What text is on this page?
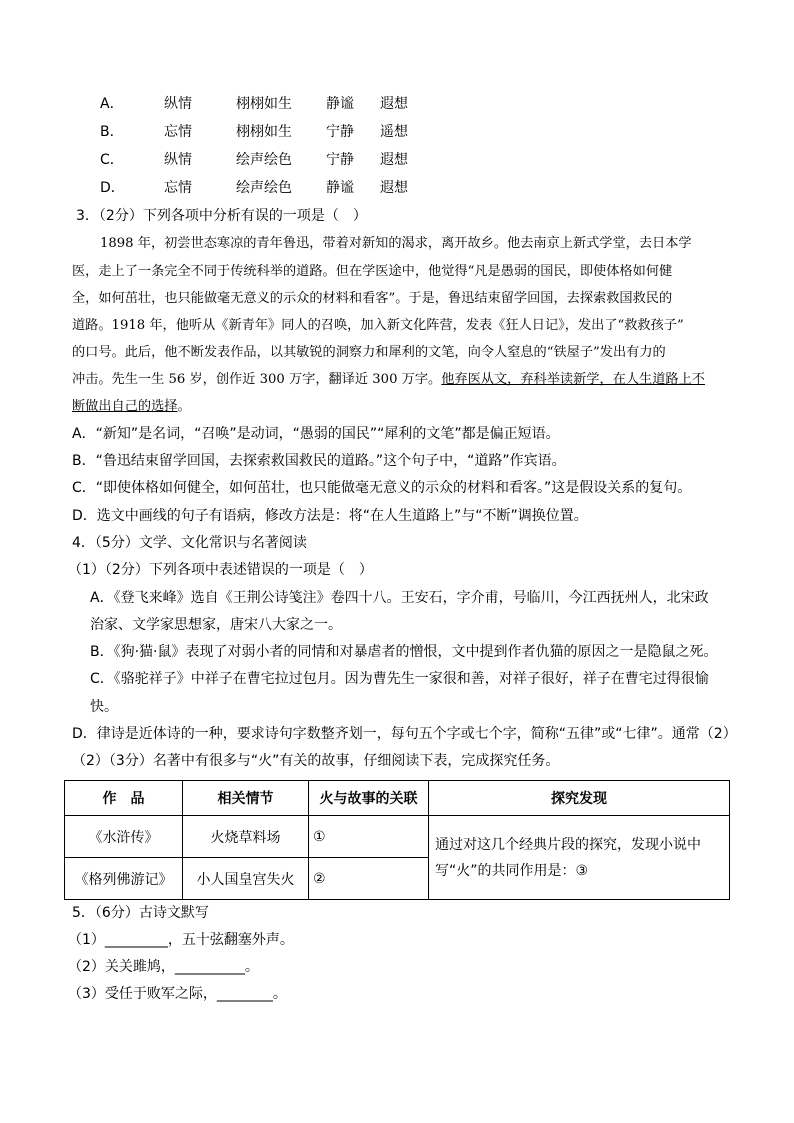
A．	纵情	栩栩如生 静谧 遐想
B．	忘情	栩栩如生 宁静 遥想
C．	纵情	绘声绘色 宁静 遐想
D．	忘情	绘声绘色 静谧 遐想
3．（2分）下列各项中分析有误的一项是（　）
1898 年，初尝世态寒凉的青年鲁迅，带着对新知的渴求，离开故乡。他去南京上新式学堂，去日本学
医，走上了一条完全不同于传统科举的道路。但在学医途中，他觉得“凡是愚弱的国民，即使体格如何健
全，如何茁壮，也只能做毫无意义的示众的材料和看客”。于是，鲁迅结束留学回国，去探索救国救民的
道路。1918 年，他听从《新青年》同人的召唤，加入新文化阵营，发表《狂人日记》，发出了“救救孩子”
的口号。此后，他不断发表作品，以其敏锐的洞察力和犀利的文笔，向令人窒息的“铁屋子”发出有力的
冲击。先生一生 56 岁，创作近 300 万字，翻译近 300 万字。他弃医从文，弃科举读新学，在人生道路上不
断做出自己的选择。
A．“新知”是名词，“召唤”是动词，“愚弱的国民”“犀利的文笔”都是偏正短语。
B．“鲁迅结束留学回国，去探索救国救民的道路。”这个句子中，“道路”作宾语。
C．“即使体格如何健全，如何茁壮，也只能做毫无意义的示众的材料和看客。”这是假设关系的复句。
D．选文中画线的句子有语病，修改方法是：将“在人生道路上”与“不断”调换位置。
4．（5分）文学、文化常识与名著阅读
（1）（2分）下列各项中表述错误的一项是（　）
A．《登飞来峰》选自《王荆公诗笺注》卷四十八。王安石，字介甫，号临川，今江西抚州人，北宋政
治家、文学家思想家，唐宋八大家之一。
B．《狗·猫·鼠》表现了对弱小者的同情和对暴虐者的憎恨，文中提到作者仇猫的原因之一是隐鼠之死。
C．《骆驼祥子》中祥子在曹宅拉过包月。因为曹先生一家很和善，对祥子很好，祥子在曹宅过得很愉
快。
D．律诗是近体诗的一种，要求诗句字数整齐划一，每句五个字或七个字，简称“五律”或“七律”。通常（2）
（2）（3分）名著中有很多与“火”有关的故事，仔细阅读下表，完成探究任务。
作　品	相关情节	火与故事的关联	探究发现
《水浒传》	火烧草料场	①	通过对这几个经典片段的探究，发现小说中写“火”的共同作用是：③
《格列佛游记》	小人国皇宫失火	②	
5．（6分）古诗文默写
（1）_________，五十弦翻塞外声。
（2）关关雎鸠，__________。
（3）受任于败军之际，________。
